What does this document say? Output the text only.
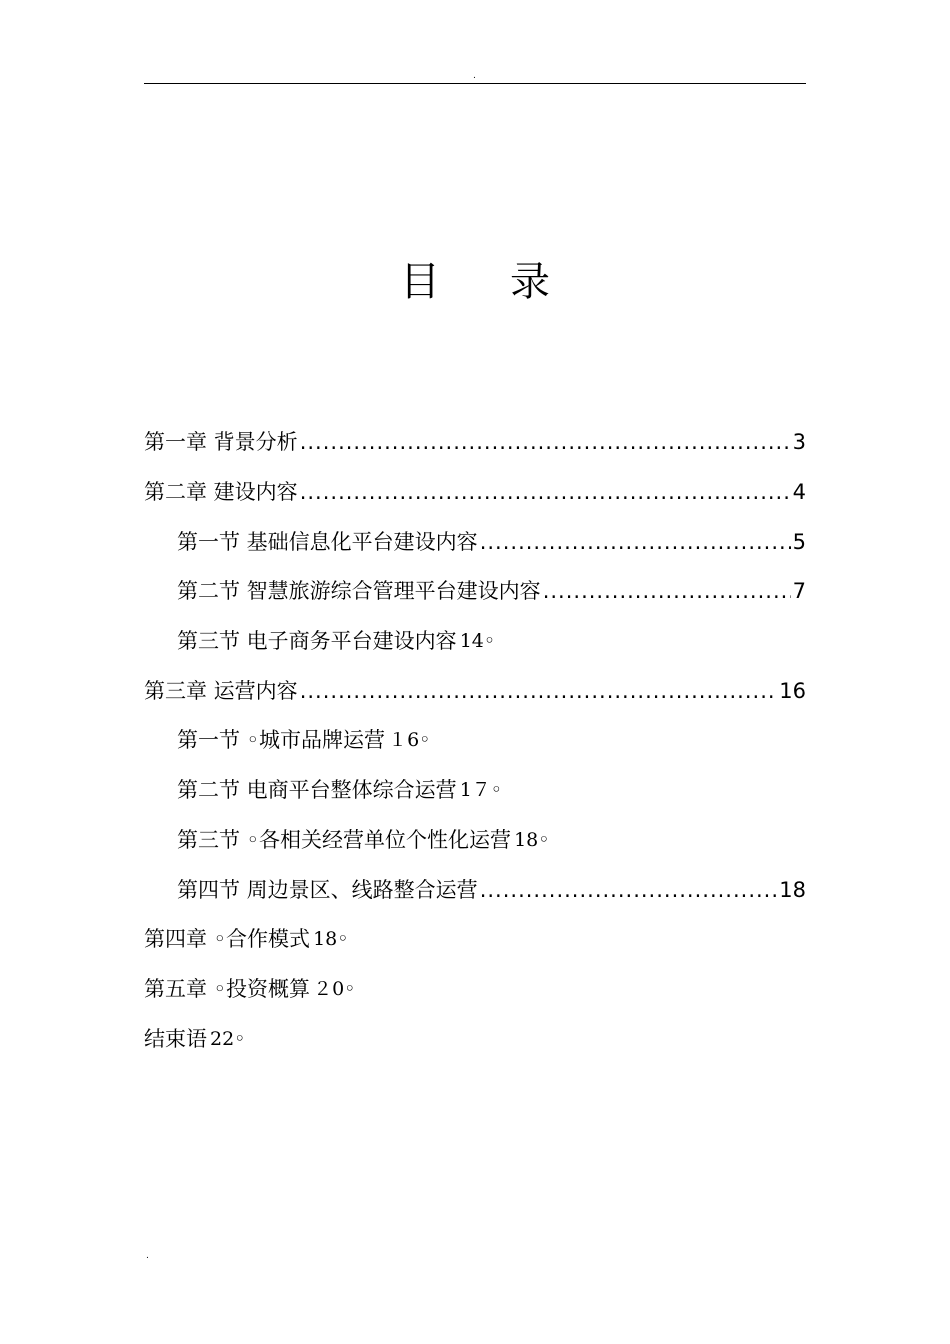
.
目 录
第一章 背景分析 .....	3
第二章 建设内容 .....	4
第一节 基础信息化平台建设内容 .....	5
第二节 智慧旅游综合管理平台建设内容 .....	7
第三节 电子商务平台建设内容 14◦
第三章 运营内容 .....	16
第一节 ◦城市品牌运营 １6◦
第二节 电商平台整体综合运营 1７◦
第三节 ◦各相关经营单位个性化运营 18◦
第四节 周边景区、线路整合运营 .....	18
第四章 ◦合作模式 18◦
第五章 ◦投资概算 ２0◦
结束语 22◦
.
